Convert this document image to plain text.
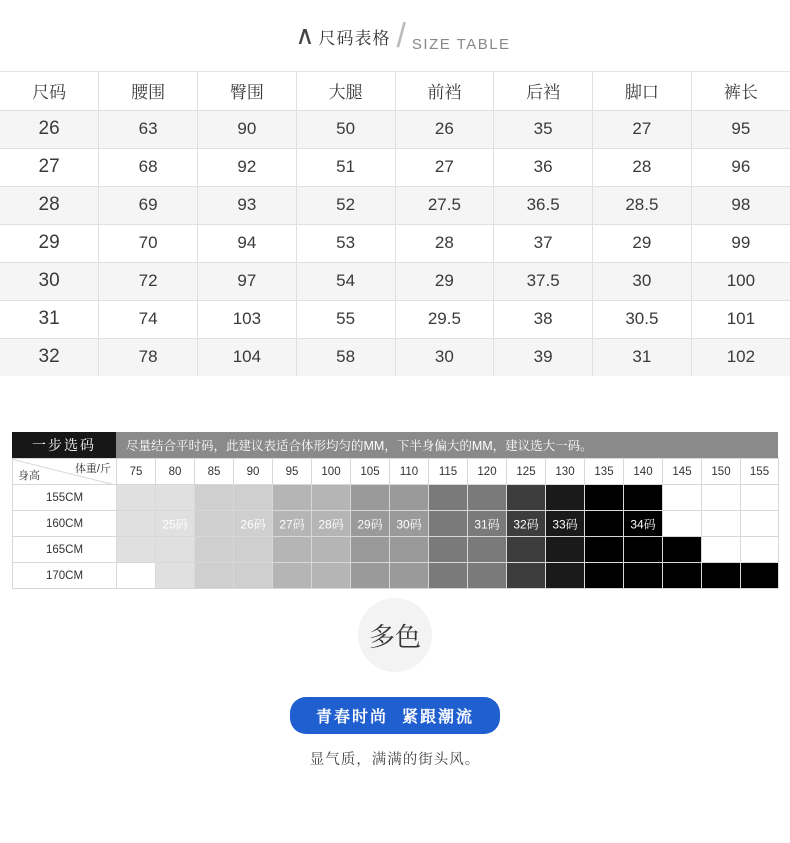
∧ 尺码表格 / SIZE TABLE
尺码	腰围	臀围	大腿	前裆	后裆	脚口	裤长
26	63	90	50	26	35	27	95
27	68	92	51	27	36	28	96
28	69	93	52	27.5	36.5	28.5	98
29	70	94	53	28	37	29	99
30	72	97	54	29	37.5	30	100
31	74	103	55	29.5	38	30.5	101
32	78	104	58	30	39	31	102
一步选码	尽量结合平时码，此建议表适合体形均匀的MM，下半身偏大的MM，建议选大一码。
体重/斤
身高	75	80	85	90	95	100	105	110	115	120	125	130	135	140	145	150	155
155CM																	
160CM		25码		26码	27码	28码	29码	30码		31码	32码	33码		34码			

165CM																	
170CM																	
多色
青春时尚 紧跟潮流
显气质，满满的街头风。
